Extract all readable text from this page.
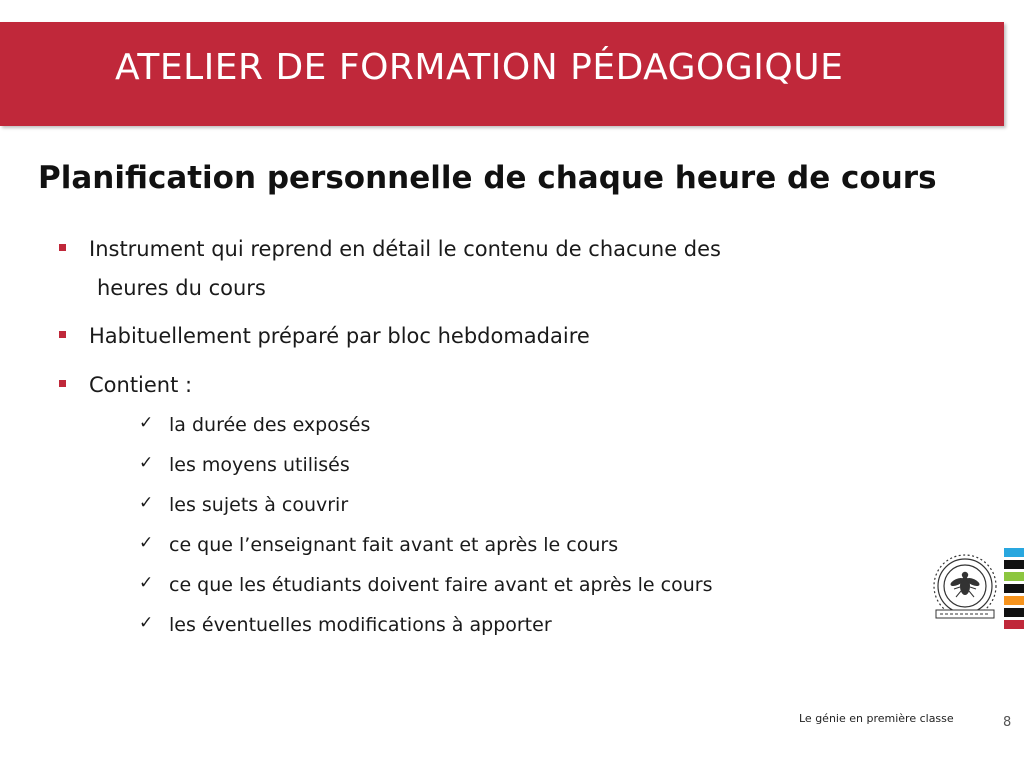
ATELIER DE FORMATION PÉDAGOGIQUE
Planification personnelle de chaque heure de cours
Instrument qui reprend en détail le contenu de chacune des
heures du cours
Habituellement préparé par bloc hebdomadaire
Contient :
✓ la durée des exposés
✓ les moyens utilisés
✓ les sujets à couvrir
✓ ce que l’enseignant fait avant et après le cours
✓ ce que les étudiants doivent faire avant et après le cours
✓ les éventuelles modifications à apporter
Le génie en première classe	8
